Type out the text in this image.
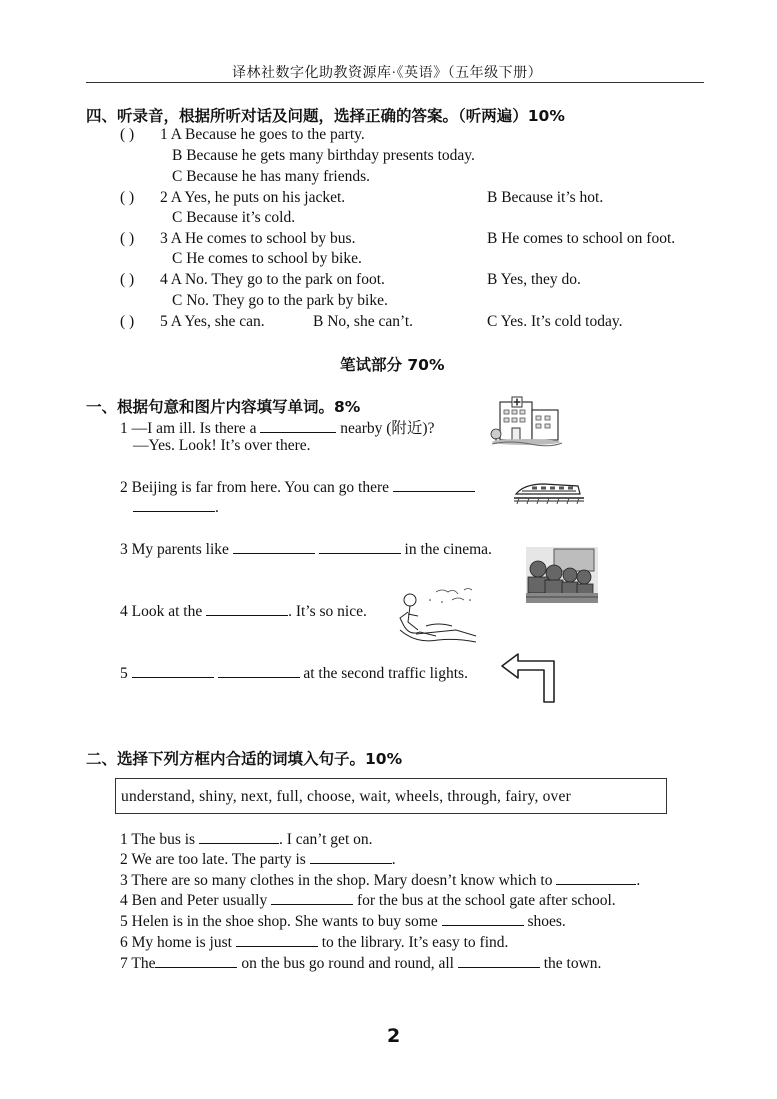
译林社数字化助教资源库·《英语》（五年级下册）
四、听录音，根据所听对话及问题，选择正确的答案。（听两遍）10%
( ) 1 A Because he goes to the party.
B Because he gets many birthday presents today.
C Because he has many friends.
( ) 2 A Yes, he puts on his jacket.	B Because it’s hot.
C Because it’s cold.
( ) 3 A He comes to school by bus.	B He comes to school on foot.
C He comes to school by bike.
( ) 4 A No. They go to the park on foot.	B Yes, they do.
C No. They go to the park by bike.
( ) 5 A Yes, she can.	B No, she can’t.	C Yes. It’s cold today.
笔试部分 70%
一、根据句意和图片内容填写单词。8%
1 —I am ill. Is there a	nearby (附近)?
—Yes. Look! It’s over there.
2 Beijing is far from here. You can go there
.
3 My parents like	in the cinema.
4 Look at the	. It’s so nice.
5	at the second traffic lights.
二、选择下列方框内合适的词填入句子。10%
understand, shiny, next, full, choose, wait, wheels, through, fairy, over
1 The bus is	. I can’t get on.
2 We are too late. The party is	.
3 There are so many clothes in the shop. Mary doesn’t know which to	.
4 Ben and Peter usually	for the bus at the school gate after school.
5 Helen is in the shoe shop. She wants to buy some	shoes.
6 My home is just	to the library. It’s easy to find.
7 The	on the bus go round and round, all	the town.
2
